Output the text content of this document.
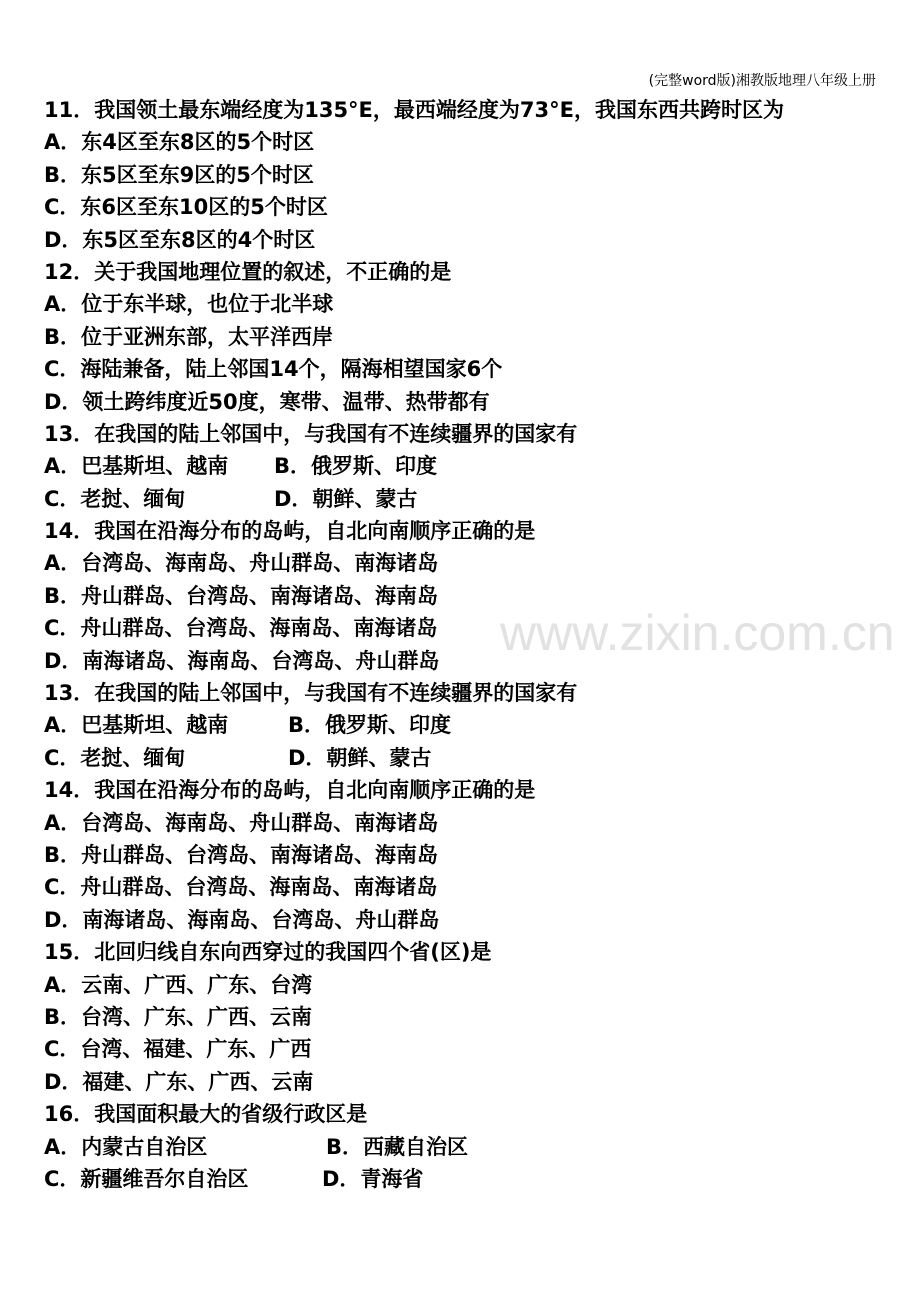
www.zixin.com.cn
(完整word版)湘教版地理八年级上册
11．我国领土最东端经度为135°E，最西端经度为73°E，我国东西共跨时区为
A．东4区至东8区的5个时区
B．东5区至东9区的5个时区
C．东6区至东10区的5个时区
D．东5区至东8区的4个时区
12．关于我国地理位置的叙述，不正确的是
A．位于东半球，也位于北半球
B．位于亚洲东部，太平洋西岸
C．海陆兼备，陆上邻国14个，隔海相望国家6个
D．领土跨纬度近50度，寒带、温带、热带都有
13．在我国的陆上邻国中，与我国有不连续疆界的国家有
A．巴基斯坦、越南 B．俄罗斯、印度
C．老挝、缅甸	D．朝鲜、蒙古
14．我国在沿海分布的岛屿，自北向南顺序正确的是
A．台湾岛、海南岛、舟山群岛、南海诸岛
B．舟山群岛、台湾岛、南海诸岛、海南岛
C．舟山群岛、台湾岛、海南岛、南海诸岛
D．南海诸岛、海南岛、台湾岛、舟山群岛
13．在我国的陆上邻国中，与我国有不连续疆界的国家有
A．巴基斯坦、越南	B．俄罗斯、印度
C．老挝、缅甸	D．朝鲜、蒙古
14．我国在沿海分布的岛屿，自北向南顺序正确的是
A．台湾岛、海南岛、舟山群岛、南海诸岛
B．舟山群岛、台湾岛、南海诸岛、海南岛
C．舟山群岛、台湾岛、海南岛、南海诸岛
D．南海诸岛、海南岛、台湾岛、舟山群岛
15．北回归线自东向西穿过的我国四个省(区)是
A．云南、广西、广东、台湾
B．台湾、广东、广西、云南
C．台湾、福建、广东、广西
D．福建、广东、广西、云南
16．我国面积最大的省级行政区是
A．内蒙古自治区	B．西藏自治区
C．新疆维吾尔自治区	D．青海省
